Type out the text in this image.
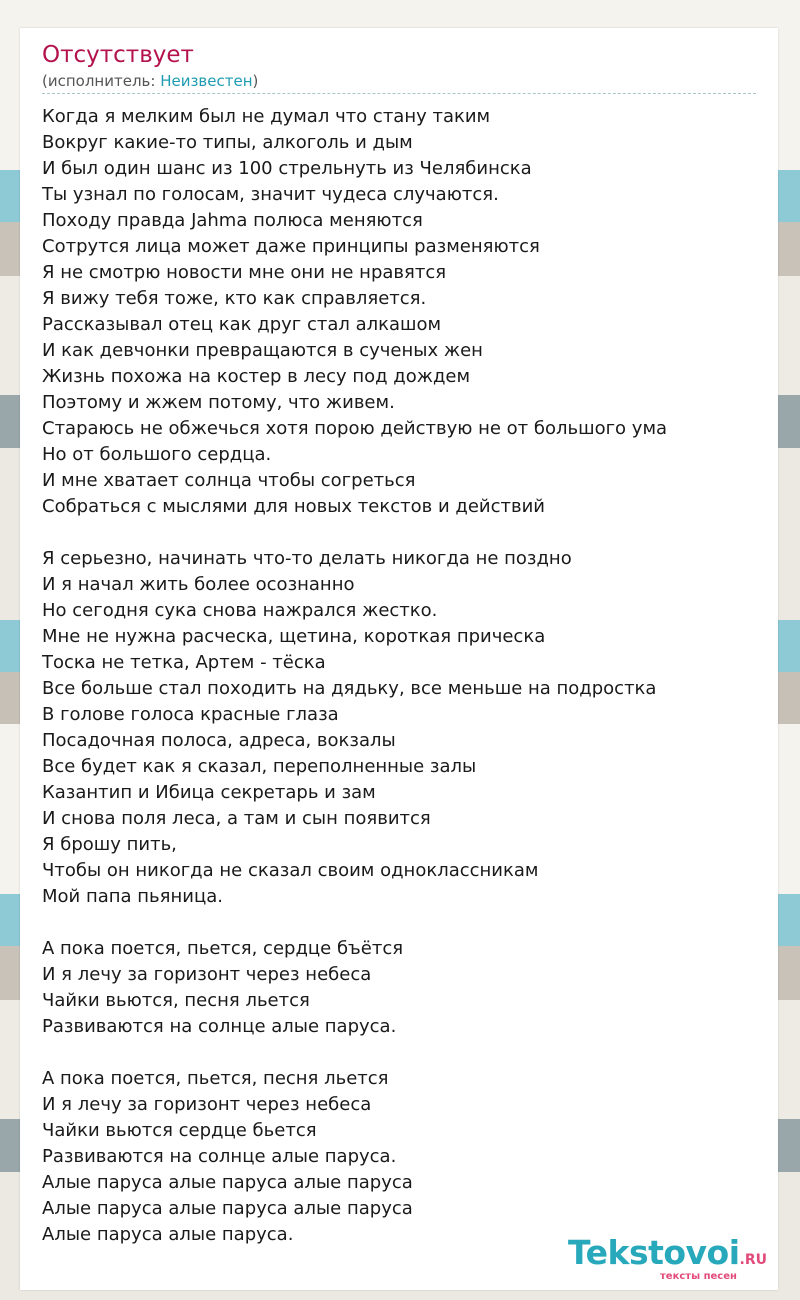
Отсутствует
(исполнитель: Неизвестен)
Когда я мелким был не думал что стану таким
Вокруг какие-то типы, алкоголь и дым
И был один шанс из 100 стрельнуть из Челябинска
Ты узнал по голосам, значит чудеса случаются.
Походу правда Jahma полюса меняются
Сотрутся лица может даже принципы разменяются
Я не смотрю новости мне они не нравятся
Я вижу тебя тоже, кто как справляется.
Рассказывал отец как друг стал алкашом
И как девчонки превращаются в сученых жен
Жизнь похожа на костер в лесу под дождем
Поэтому и жжем потому, что живем.
Стараюсь не обжечься хотя порою действую не от большого ума
Но от большого сердца.
И мне хватает солнца чтобы согреться
Собраться с мыслями для новых текстов и действий
Я серьезно, начинать что-то делать никогда не поздно
И я начал жить более осознанно
Но сегодня сука снова нажрался жестко.
Мне не нужна расческа, щетина, короткая прическа
Тоска не тетка, Артем - тёска
Все больше стал походить на дядьку, все меньше на подростка
В голове голоса красные глаза
Посадочная полоса, адреса, вокзалы
Все будет как я сказал, переполненные залы
Казантип и Ибица секретарь и зам
И снова поля леса, а там и сын появится
Я брошу пить,
Чтобы он никогда не сказал своим одноклассникам
Мой папа пьяница.
А пока поется, пьется, сердце бъётся
И я лечу за горизонт через небеса
Чайки вьются, песня льется
Развиваются на солнце алые паруса.
А пока поется, пьется, песня льется
И я лечу за горизонт через небеса
Чайки вьются сердце бьется
Развиваются на солнце алые паруса.
Алые паруса алые паруса алые паруса
Алые паруса алые паруса алые паруса
Алые паруса алые паруса.	Tekstovoi.RU
тексты песен
